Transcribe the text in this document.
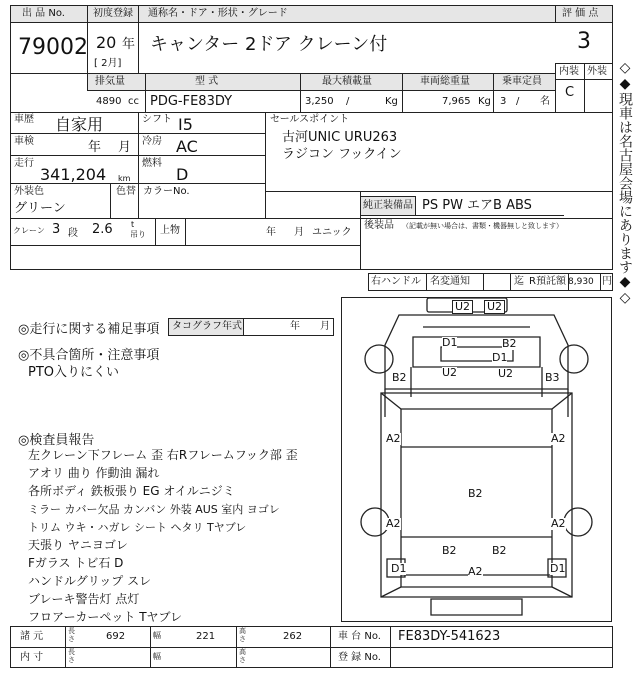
出 品 No.
79002
初度登録
20 年
[ 2月]
通称名・ドア・形状・グレード
キャンター 2ドア クレーン付
評 価 点
3
内装 外装
C
排気量	型 式	最大積載量	車両総重量	乗車定員
4890 cc PDG-FE83DY	3,250 /	Kg	7,965 Kg 3 / 名
車歴 自家用	シフト I5
車検	年 月 冷房 AC
走行
341,204 km
燃料
D
外装色
グリーン
色替 カラーNo.
セールスポイント
古河UNIC URU263
ラジコン フックイン
クレーン 3 段 2.6 t
吊り 上物	年 月 ユニック
純正装備品 PS PW エアB ABS
後装品 （記載が無い場合は、書類・機器無しと致します）
右ハンドル 名変通知	迄 R預託額 8,930 円
◎走行に関する補足事項 タコグラフ年式	年 月
◎不具合箇所・注意事項
PTO入りにくい
◎検査員報告
左クレーン下フレーム 歪 右Rフレームフック部 歪
アオリ 曲り 作動油 漏れ
各所ボディ 鉄板張り EG オイルニジミ
ミラー カバー欠品 カンバン 外装 AUS 室内 ヨゴレ
トリム ウキ・ハガレ シート ヘタリ Tヤブレ
天張り ヤニヨゴレ
Fガラス トビ石 D
ハンドルグリップ スレ
ブレーキ警告灯 点灯
フロアーカーペット Tヤブレ
U2 U2
B2
D1
D1
U2	U2
B2	B3
A2	A2
B2
A2	A2
B2	B2
D1	D1
A2
諸 元	長さ	692	幅	221	高さ	262	車 台 No. FE83DY-541623
内 寸	長さ	幅	高さ	登 録 No.
◇◆現車は名古屋会場にあります◆◇
